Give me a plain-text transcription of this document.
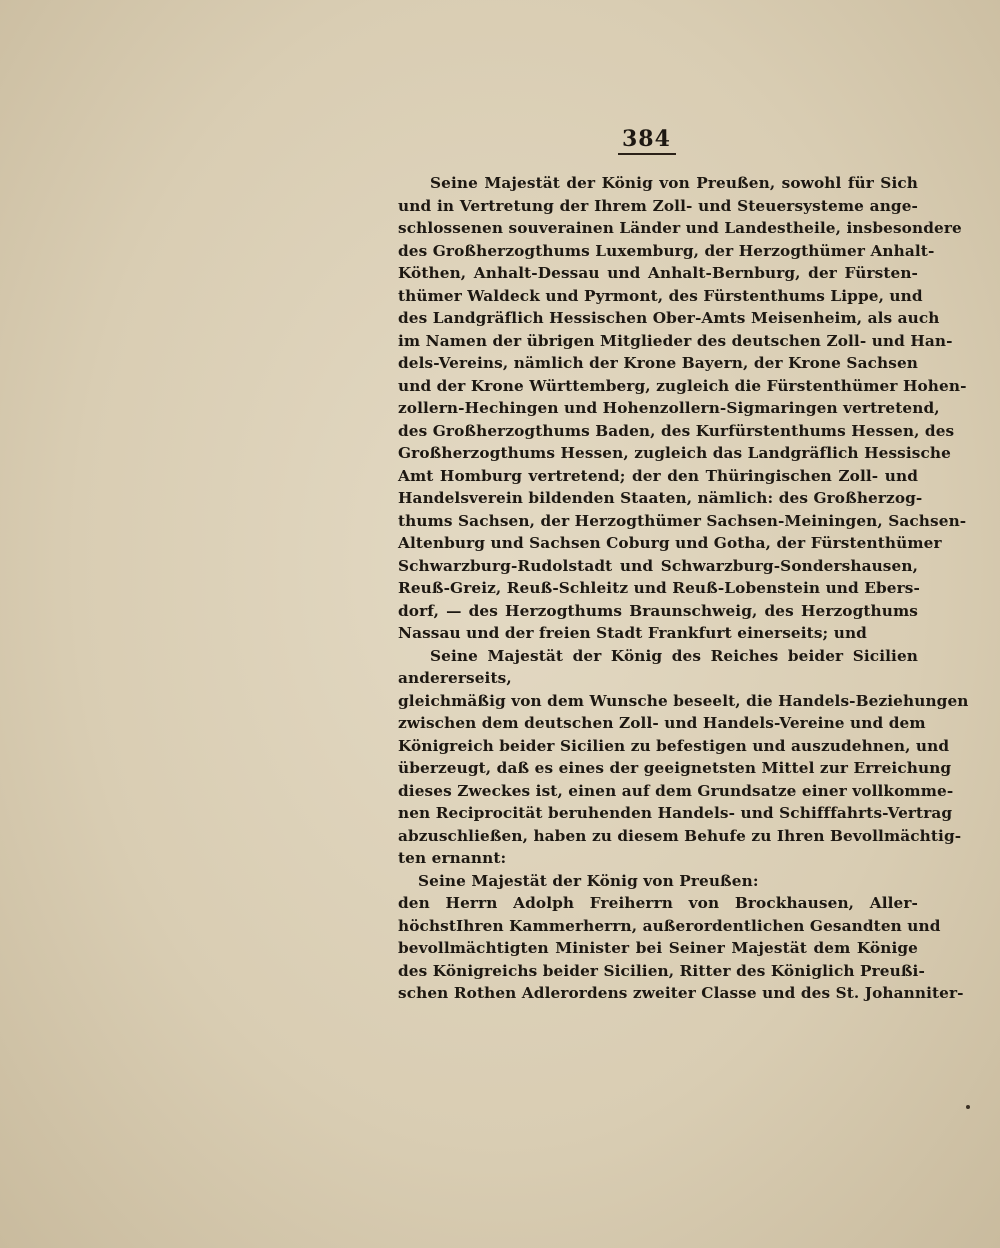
384
Seine Majestät der König von Preußen, sowohl für Sich
und in Vertretung der Ihrem Zoll- und Steuersysteme ange-
schlossenen souverainen Länder und Landestheile, insbesondere
des Großherzogthums Luxemburg, der Herzogthümer Anhalt-
Köthen, Anhalt-Dessau und Anhalt-Bernburg, der Fürsten-
thümer Waldeck und Pyrmont, des Fürstenthums Lippe, und
des Landgräflich Hessischen Ober-Amts Meisenheim, als auch
im Namen der übrigen Mitglieder des deutschen Zoll- und Han-
dels-Vereins, nämlich der Krone Bayern, der Krone Sachsen
und der Krone Württemberg, zugleich die Fürstenthümer Hohen-
zollern-Hechingen und Hohenzollern-Sigmaringen vertretend,
des Großherzogthums Baden, des Kurfürstenthums Hessen, des
Großherzogthums Hessen, zugleich das Landgräflich Hessische
Amt Homburg vertretend; der den Thüringischen Zoll- und
Handelsverein bildenden Staaten, nämlich: des Großherzog-
thums Sachsen, der Herzogthümer Sachsen-Meiningen, Sachsen-
Altenburg und Sachsen Coburg und Gotha, der Fürstenthümer
Schwarzburg-Rudolstadt und Schwarzburg-Sondershausen,
Reuß-Greiz, Reuß-Schleitz und Reuß-Lobenstein und Ebers-
dorf, — des Herzogthums Braunschweig, des Herzogthums
Nassau und der freien Stadt Frankfurt einerseits; und
Seine Majestät der König des Reiches beider Sicilien
andererseits,
gleichmäßig von dem Wunsche beseelt, die Handels-Beziehungen
zwischen dem deutschen Zoll- und Handels-Vereine und dem
Königreich beider Sicilien zu befestigen und auszudehnen, und
überzeugt, daß es eines der geeignetsten Mittel zur Erreichung
dieses Zweckes ist, einen auf dem Grundsatze einer vollkomme-
nen Reciprocität beruhenden Handels- und Schifffahrts-Vertrag
abzuschließen, haben zu diesem Behufe zu Ihren Bevollmächtig-
ten ernannt:
Seine Majestät der König von Preußen:
den Herrn Adolph Freiherrn von Brockhausen, Aller-
höchstIhren Kammerherrn, außerordentlichen Gesandten und
bevollmächtigten Minister bei Seiner Majestät dem Könige
des Königreichs beider Sicilien, Ritter des Königlich Preußi-
schen Rothen Adlerordens zweiter Classe und des St. Johanniter-
